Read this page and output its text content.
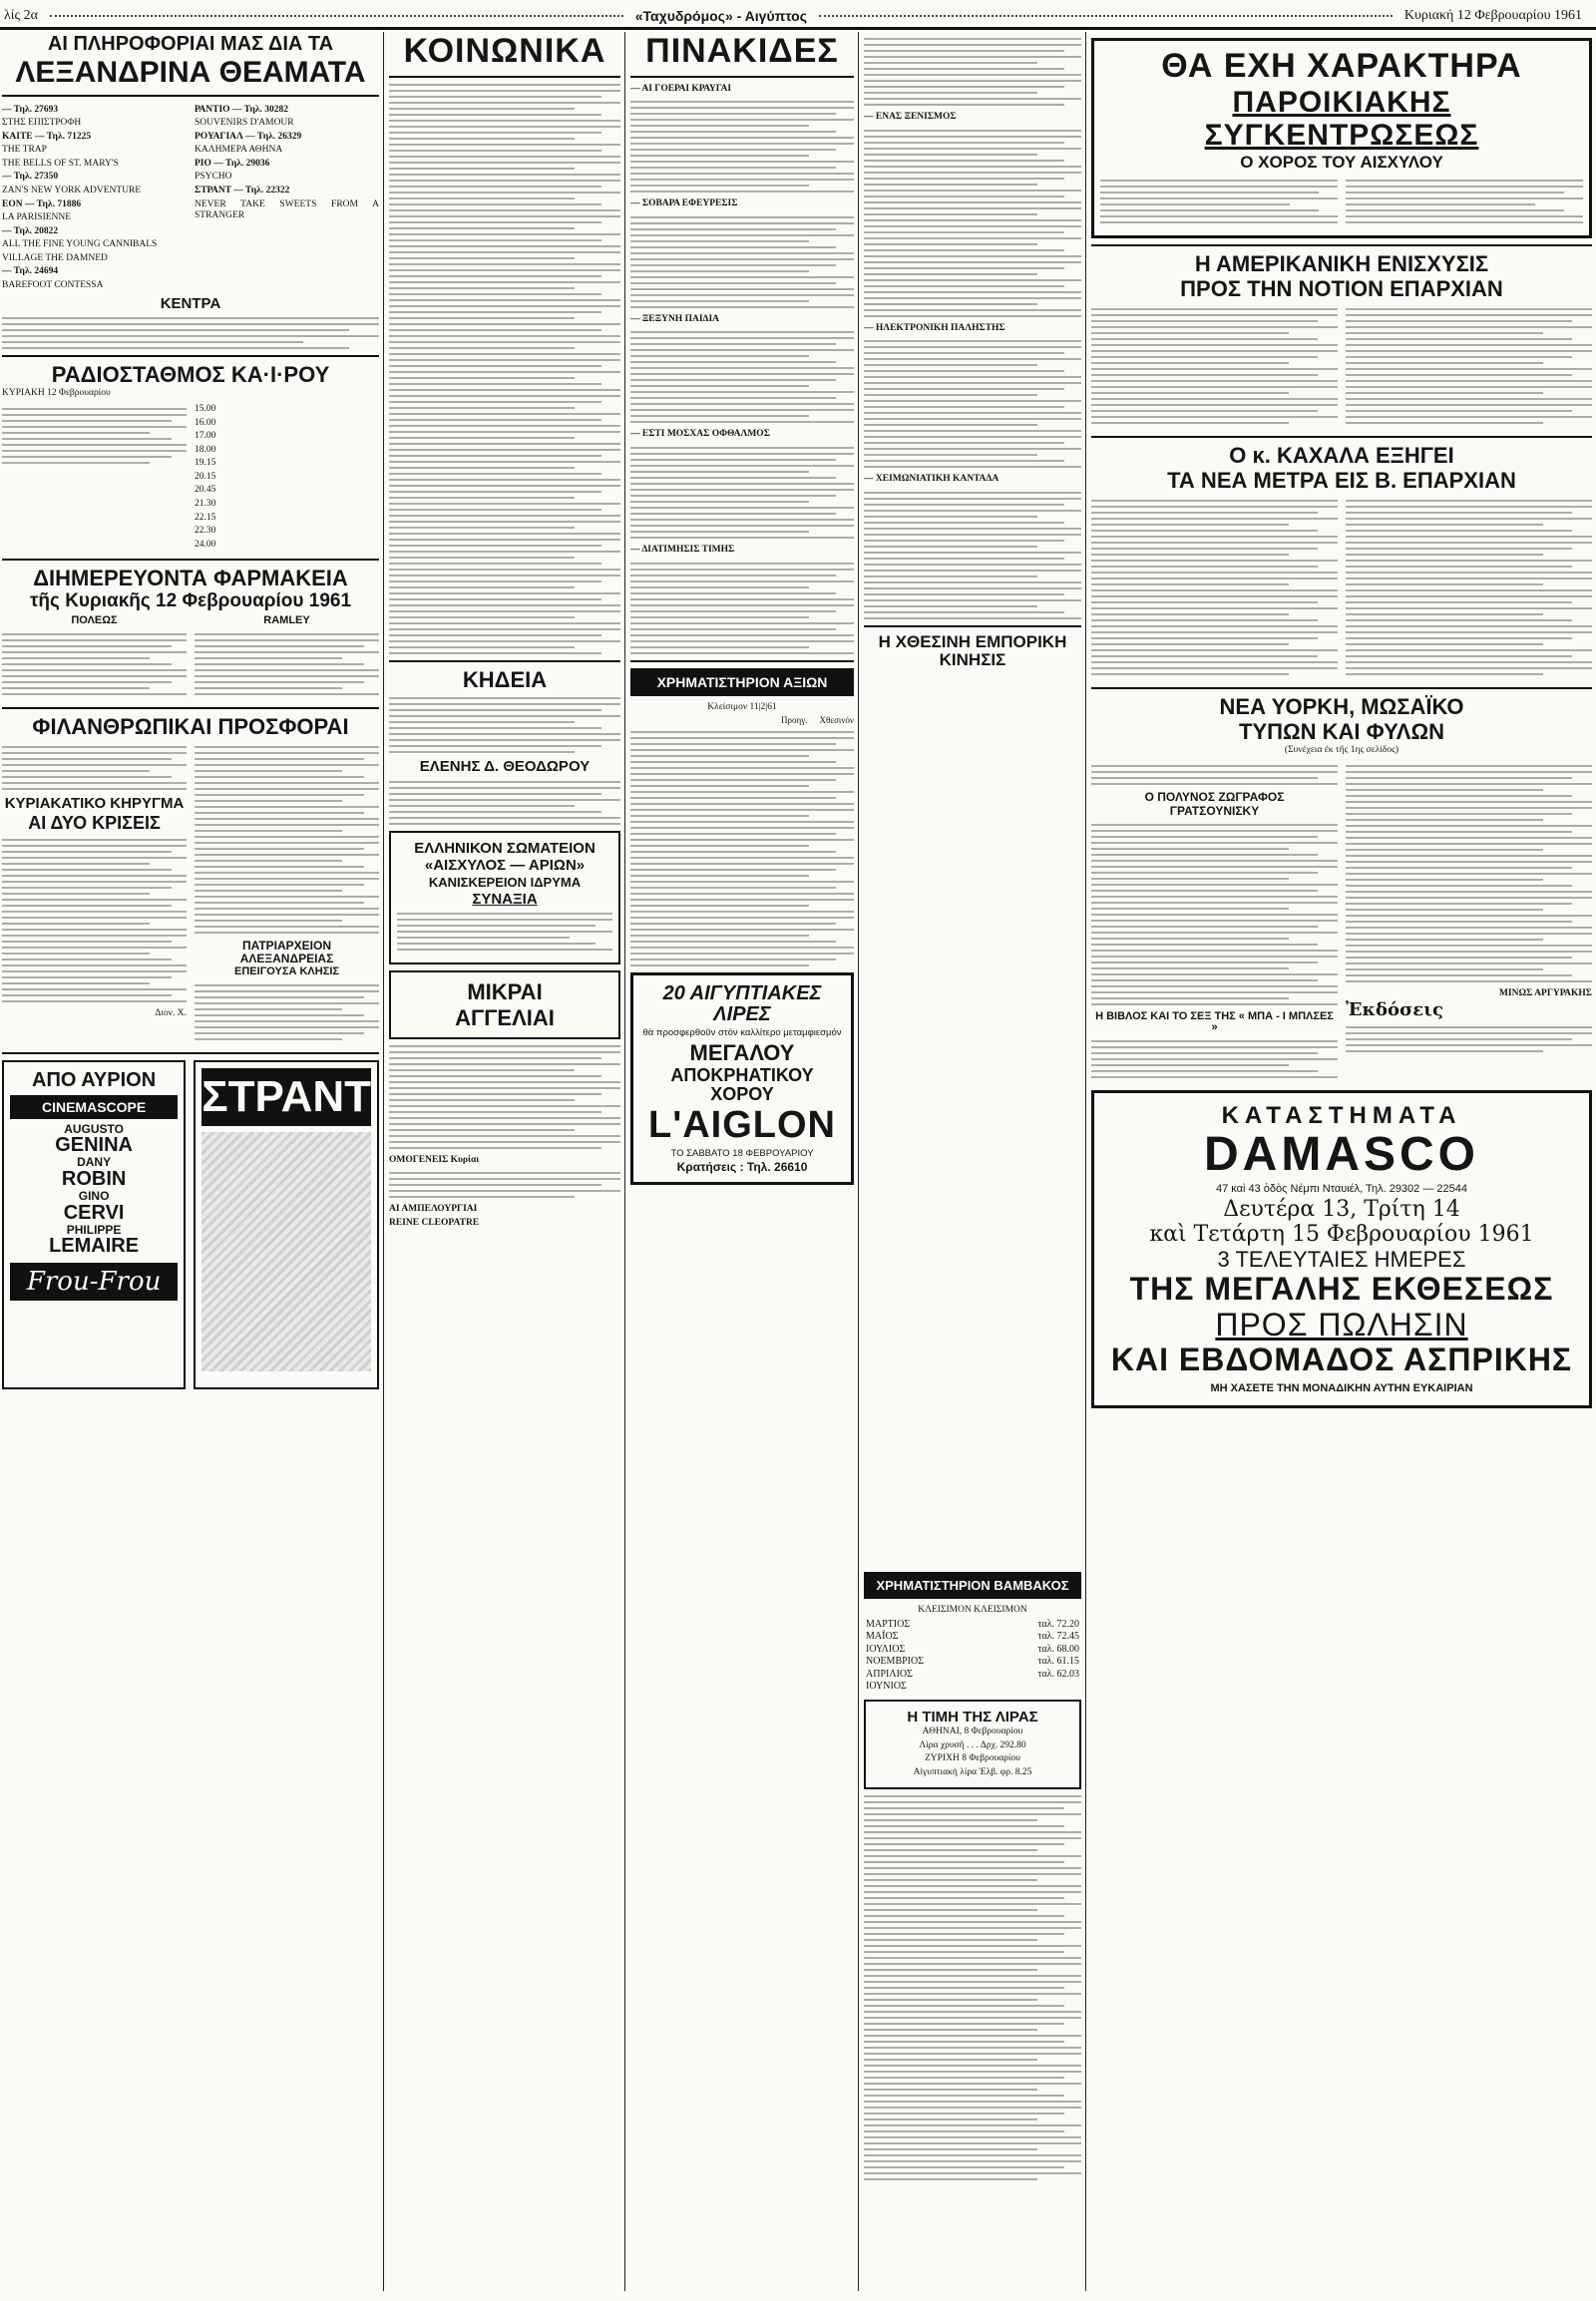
λίς 2α	«Ταχυδρόμος» - Αιγύπτος	Κυριακή 12 Φεβρουαρίου 1961
ΑΙ ΠΛΗΡΟΦΟΡΙΑΙ ΜΑΣ ΔΙΑ ΤΑ
ΛΕΞΑΝΔΡΙΝΑ ΘΕΑΜΑΤΑ
— Τηλ. 27693
ΣΤΗΣ ΕΠΙΣΤΡΟΦΗ
ΚΑΙΤΕ — Τηλ. 71225
THE TRAP
THE BELLS OF ST. MARY'S
— Τηλ. 27350
ZAN'S NEW YORK ADVENTURE
ΕΟΝ — Τηλ. 71886
LA PARISIENNE
— Τηλ. 20822
ALL THE FINE YOUNG CANNIBALS
VILLAGE THE DAMNED
— Τηλ. 24694
BAREFOOT CONTESSA
ΡΑΝΤΙΟ — Τηλ. 30282
SOUVENIRS D'AMOUR
ΡΟΥΑΓΙΑΛ — Τηλ. 26329
ΚΑΛΗΜΕΡΑ ΑΘΗΝΑ
ΡΙΟ — Τηλ. 29036
PSYCHO
ΣΤΡΑΝΤ — Τηλ. 22322
NEVER TAKE SWEETS FROM A STRANGER
ΚΕΝΤΡΑ
ΡΑΔΙΟΣΤΑΘΜΟΣ ΚΑ·Ι·ΡΟΥ
ΚΥΡΙΑΚΗ 12 Φεβρουαρίου
15.00
16.00
17.00
18.00
19.15
20.15
20.45
21.30
22.15
22.30
24.00
ΔΙΗΜΕΡΕΥΟΝΤΑ ΦΑΡΜΑΚΕΙΑ
τῆς Κυριακῆς 12 Φεβρουαρίου 1961
ΠΟΛΕΩΣ	RAMLEY
ΦΙΛΑΝΘΡΩΠΙΚΑΙ ΠΡΟΣΦΟΡΑΙ
ΚΥΡΙΑΚΑΤΙΚΟ ΚΗΡΥΓΜΑ
ΑΙ ΔΥΟ ΚΡΙΣΕΙΣ
Διον. Χ.
ΠΑΤΡΙΑΡΧΕΙΟΝ ΑΛΕΞΑΝΔΡΕΙΑΣ
ΕΠΕΙΓΟΥΣΑ ΚΛΗΣΙΣ
ΑΠΟ ΑΥΡΙΟΝ
CINEMASCOPE
AUGUSTO
GENINA
DANY
ROBIN
GINO
CERVI
PHILIPPE
LEMAIRE
Frou-Frou
ΣΤΡΑΝΤ
ΚΟΙΝΩΝΙΚΑ
ΚΗΔΕΙΑ
ΕΛΕΝΗΣ Δ. ΘΕΟΔΩΡΟΥ
ΕΛΛΗΝΙΚΟΝ ΣΩΜΑΤΕΙΟΝ
«ΑΙΣΧΥΛΟΣ — ΑΡΙΩΝ»
ΚΑΝΙΣΚΕΡΕΙΟΝ ΙΔΡΥΜΑ
ΣΥΝΑΞΙΑ
ΜΙΚΡΑΙ
ΑΓΓΕΛΙΑΙ
ΟΜΟΓΕΝΕΙΣ Κυρίαι
ΑΙ ΑΜΠΕΛΟΥΡΓΙΑΙ
REINE CLEOPATRE
ΠΙΝΑΚΙΔΕΣ
— ΑΙ ΓΟΕΡΑΙ ΚΡΑΥΓΑΙ
— ΣΟΒΑΡΑ ΕΦΕΥΡΕΣΙΣ
— ΞΕΞΥΝΗ ΠΑΙΔΙΑ
— ΕΣΤΙ ΜΟΣΧΑΣ ΟΦΘΑΛΜΟΣ
— ΔΙΑΤΙΜΗΣΙΣ ΤΙΜΗΣ
ΧΡΗΜΑΤΙΣΤΗΡΙΟΝ ΑΞΙΩΝ
Κλείσιμον 11|2|61
Προηγ. Χθεσινόν
20 ΑΙΓΥΠΤΙΑΚΕΣ ΛΙΡΕΣ
θὰ προσφερθοῦν στὸν καλλίτερο μεταμφιεσμόν
ΜΕΓΑΛΟΥ
ΑΠΟΚΡΗΑΤΙΚΟΥ ΧΟΡΟΥ
L'AIGLON
ΤΟ ΣΑΒΒΑΤΟ 18 ΦΕΒΡΟΥΑΡΙΟΥ
Κρατήσεις : Τηλ. 26610
— ΕΝΑΣ ΞΕΝΙΣΜΟΣ
— ΗΛΕΚΤΡΟΝΙΚΗ ΠΑΛΗΣΤΗΣ
— ΧΕΙΜΩΝΙΑΤΙΚΗ ΚΑΝΤΑΔΑ
Η ΧΘΕΣΙΝΗ ΕΜΠΟΡΙΚΗ ΚΙΝΗΣΙΣ
ΧΡΗΜΑΤΙΣΤΗΡΙΟΝ ΒΑΜΒΑΚΟΣ
ΚΛΕΙΣΙΜΟΝ ΚΛΕΙΣΙΜΟΝ
ΜΑΡΤΙΟΣ	ταλ. 72.20
ΜΑΪΟΣ	ταλ. 72.45
ΙΟΥΛΙΟΣ	ταλ. 68.00
ΝΟΕΜΒΡΙΟΣ	ταλ. 61.15
ΑΠΡΙΛΙΟΣ	ταλ. 62.03
ΙΟΥΝΙΟΣ	
Η ΤΙΜΗ ΤΗΣ ΛΙΡΑΣ
ΑΘΗΝΑΙ, 8 Φεβρουαρίου
Λίρα χρυσῆ . . . Δρχ. 292.80
ΖΥΡΙΧΗ 8 Φεβρουαρίου
Αἰγυπτιακὴ λίρα Ἐλβ. φρ. 8.25
ΘΑ ΕΧΗ ΧΑΡΑΚΤΗΡΑ
ΠΑΡΟΙΚΙΑΚΗΣ
ΣΥΓΚΕΝΤΡΩΣΕΩΣ
Ο ΧΟΡΟΣ ΤΟΥ ΑΙΣΧΥΛΟΥ
Η ΑΜΕΡΙΚΑΝΙΚΗ ΕΝΙΣΧΥΣΙΣ
ΠΡΟΣ ΤΗΝ ΝΟΤΙΟΝ ΕΠΑΡΧΙΑΝ
Ο κ. ΚΑΧΑΛΑ ΕΞΗΓΕΙ
ΤΑ ΝΕΑ ΜΕΤΡΑ ΕΙΣ Β. ΕΠΑΡΧΙΑΝ
ΝΕΑ ΥΟΡΚΗ, ΜΩΣΑΪΚΟ
ΤΥΠΩΝ ΚΑΙ ΦΥΛΩΝ
(Συνέχεια ἐκ τῆς 1ης σελίδος)
Ο ΠΟΛΥΝΟΣ ΖΩΓΡΑΦΟΣ
ΓΡΑΤΣΟΥΝΙΣΚΥ
Η ΒΙΒΛΟΣ ΚΑΙ ΤΟ ΣΕΞ ΤΗΣ « ΜΠΑ - Ι ΜΠΛΣΕΣ »
ΜΙΝΩΣ ΑΡΓΥΡΑΚΗΣ
Ἐκδόσεις
ΚΑΤΑΣΤΗΜΑΤΑ
DAMASCO
47 καὶ 43 ὁδὸς Νέμπι Νταυιέλ, Τηλ. 29302 — 22544
Δευτέρα 13, Τρίτη 14
καὶ Τετάρτη 15 Φεβρουαρίου 1961
3 ΤΕΛΕΥΤΑΙΕΣ ΗΜΕΡΕΣ
ΤΗΣ ΜΕΓΑΛΗΣ ΕΚΘΕΣΕΩΣ
ΠΡΟΣ ΠΩΛΗΣΙΝ
ΚΑΙ ΕΒΔΟΜΑΔΟΣ ΑΣΠΡΙΚΗΣ
ΜΗ ΧΑΣΕΤΕ ΤΗΝ ΜΟΝΑΔΙΚΗΝ ΑΥΤΗΝ ΕΥΚΑΙΡΙΑΝ
